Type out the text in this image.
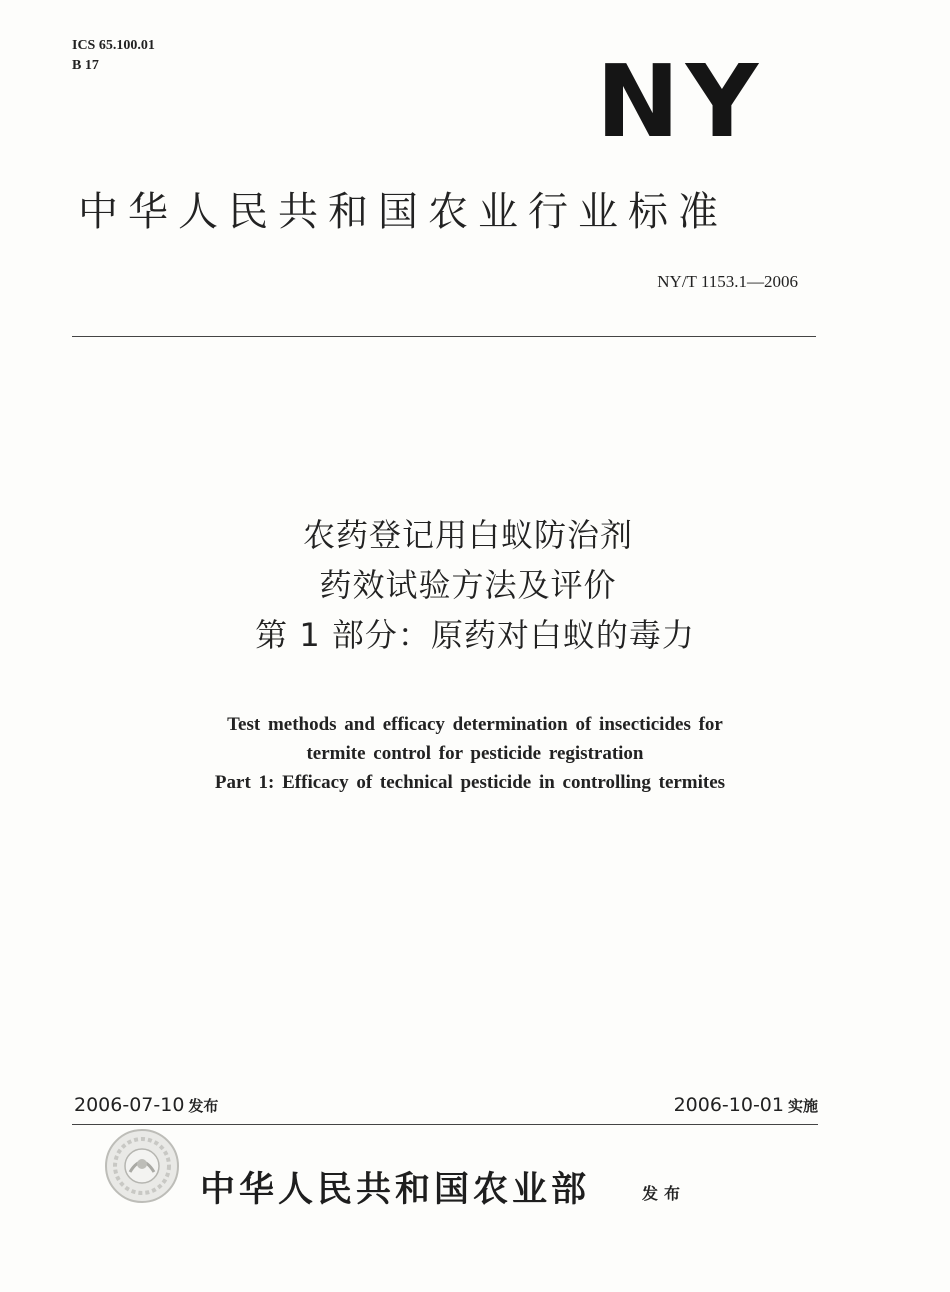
ICS 65.100.01
B 17	NY
中华人民共和国农业行业标准
NY/T 1153.1—2006
农药登记用白蚁防治剂
药效试验方法及评价
第 1 部分：原药对白蚁的毒力
Test methods and efficacy determination of insecticides for
termite control for pesticide registration
Part 1: Efficacy of technical pesticide in controlling termites
2006-07-10 发布	2006-10-01 实施
中华人民共和国农业部	发布
